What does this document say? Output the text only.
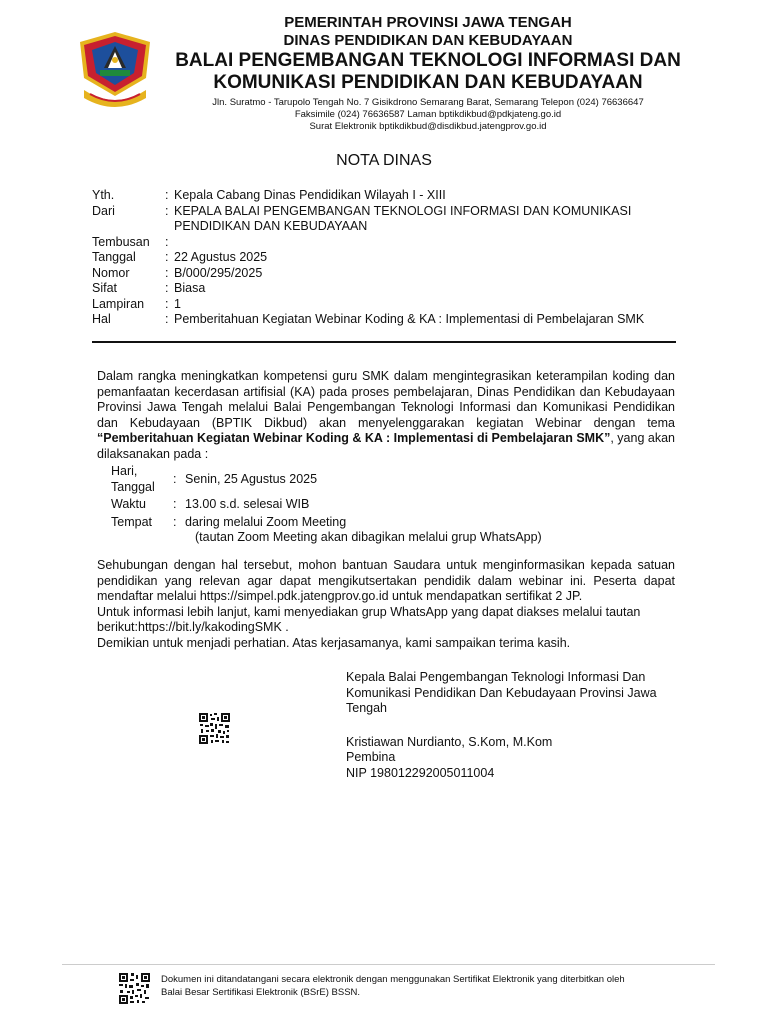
PEMERINTAH PROVINSI JAWA TENGAH
DINAS PENDIDIKAN DAN KEBUDAYAAN
BALAI PENGEMBANGAN TEKNOLOGI INFORMASI DAN
KOMUNIKASI PENDIDIKAN DAN KEBUDAYAAN
Jln. Suratmo - Tarupolo Tengah No. 7 Gisikdrono Semarang Barat, Semarang Telepon (024) 76636647
Faksimile (024) 76636587 Laman bptikdikbud@pdkjateng.go.id
Surat Elektronik bptikdikbud@disdikbud.jatengprov.go.id
NOTA DINAS
Yth.	: Kepala Cabang Dinas Pendidikan Wilayah I - XIII
Dari	: KEPALA BALAI PENGEMBANGAN TEKNOLOGI INFORMASI DAN KOMUNIKASI PENDIDIKAN DAN KEBUDAYAAN
Tembusan	:
Tanggal	: 22 Agustus 2025
Nomor	: B/000/295/2025
Sifat	: Biasa
Lampiran	: 1
Hal	: Pemberitahuan Kegiatan Webinar Koding & KA : Implementasi di Pembelajaran SMK
Dalam rangka meningkatkan kompetensi guru SMK dalam mengintegrasikan keterampilan koding dan pemanfaatan kecerdasan artifisial (KA) pada proses pembelajaran, Dinas Pendidikan dan Kebudayaan Provinsi Jawa Tengah melalui Balai Pengembangan Teknologi Informasi dan Komunikasi Pendidikan dan Kebudayaan (BPTIK Dikbud) akan menyelenggarakan kegiatan Webinar dengan tema “Pemberitahuan Kegiatan Webinar Koding & KA : Implementasi di Pembelajaran SMK”, yang akan dilaksanakan pada :
Hari,
Tanggal
: Senin, 25 Agustus 2025
Waktu	: 13.00 s.d. selesai WIB
Tempat	: daring melalui Zoom Meeting
(tautan Zoom Meeting akan dibagikan melalui grup WhatsApp)
Sehubungan dengan hal tersebut, mohon bantuan Saudara untuk menginformasikan kepada satuan pendidikan yang relevan agar dapat mengikutsertakan pendidik dalam webinar ini. Peserta dapat mendaftar melalui https://simpel.pdk.jatengprov.go.id untuk mendapatkan sertifikat 2 JP.
Untuk informasi lebih lanjut, kami menyediakan grup WhatsApp yang dapat diakses melalui tautan berikut:https://bit.ly/kakodingSMK .
Demikian untuk menjadi perhatian. Atas kerjasamanya, kami sampaikan terima kasih.
Kepala Balai Pengembangan Teknologi Informasi Dan Komunikasi Pendidikan Dan Kebudayaan Provinsi Jawa Tengah
Kristiawan Nurdianto, S.Kom, M.Kom
Pembina
NIP 198012292005011004
Dokumen ini ditandatangani secara elektronik dengan menggunakan Sertifikat Elektronik yang diterbitkan oleh
Balai Besar Sertifikasi Elektronik (BSrE) BSSN.
